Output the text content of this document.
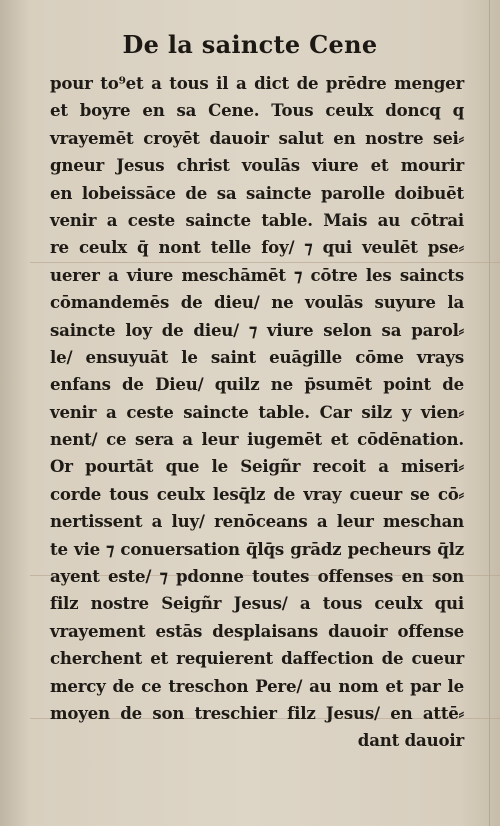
De la saincte Cene
pour to⁹et a tous il a dict de prēdre menger
et boyre en sa Cene. Tous ceulx doncq q
vrayemēt croyēt dauoir salut en nostre sei⸗
gneur Jesus christ voulās viure et mourir
en lobeissāce de sa saincte parolle doibuēt
venir a ceste saincte table. Mais au cōtrai
re ceulx q̄ nont telle foy/ ⁊ qui veulēt pse⸗
uerer a viure meschāmēt ⁊ cōtre les saincts
cōmandemēs de dieu/ ne voulās suyure la
saincte loy de dieu/ ⁊ viure selon sa parol⸗
le/ ensuyuāt le saint euāgille cōme vrays
enfans de Dieu/ quilz ne p̄sumēt point de
venir a ceste saincte table. Car silz y vien⸗
nent/ ce sera a leur iugemēt et cōdēnation.
Or pourtāt que le Seigñr recoit a miseri⸗
corde tous ceulx lesq̄lz de vray cueur se cō⸗
nertissent a luy/ renōceans a leur meschan
te vie ⁊ conuersation q̄lq̄s grādz pecheurs q̄lz
ayent este/ ⁊ pdonne toutes offenses en son
filz nostre Seigñr Jesus/ a tous ceulx qui
vrayement estās desplaisans dauoir offense
cherchent et requierent daffection de cueur
mercy de ce treschon Pere/ au nom et par le
moyen de son treschier filz Jesus/ en attē⸗
dant dauoir
